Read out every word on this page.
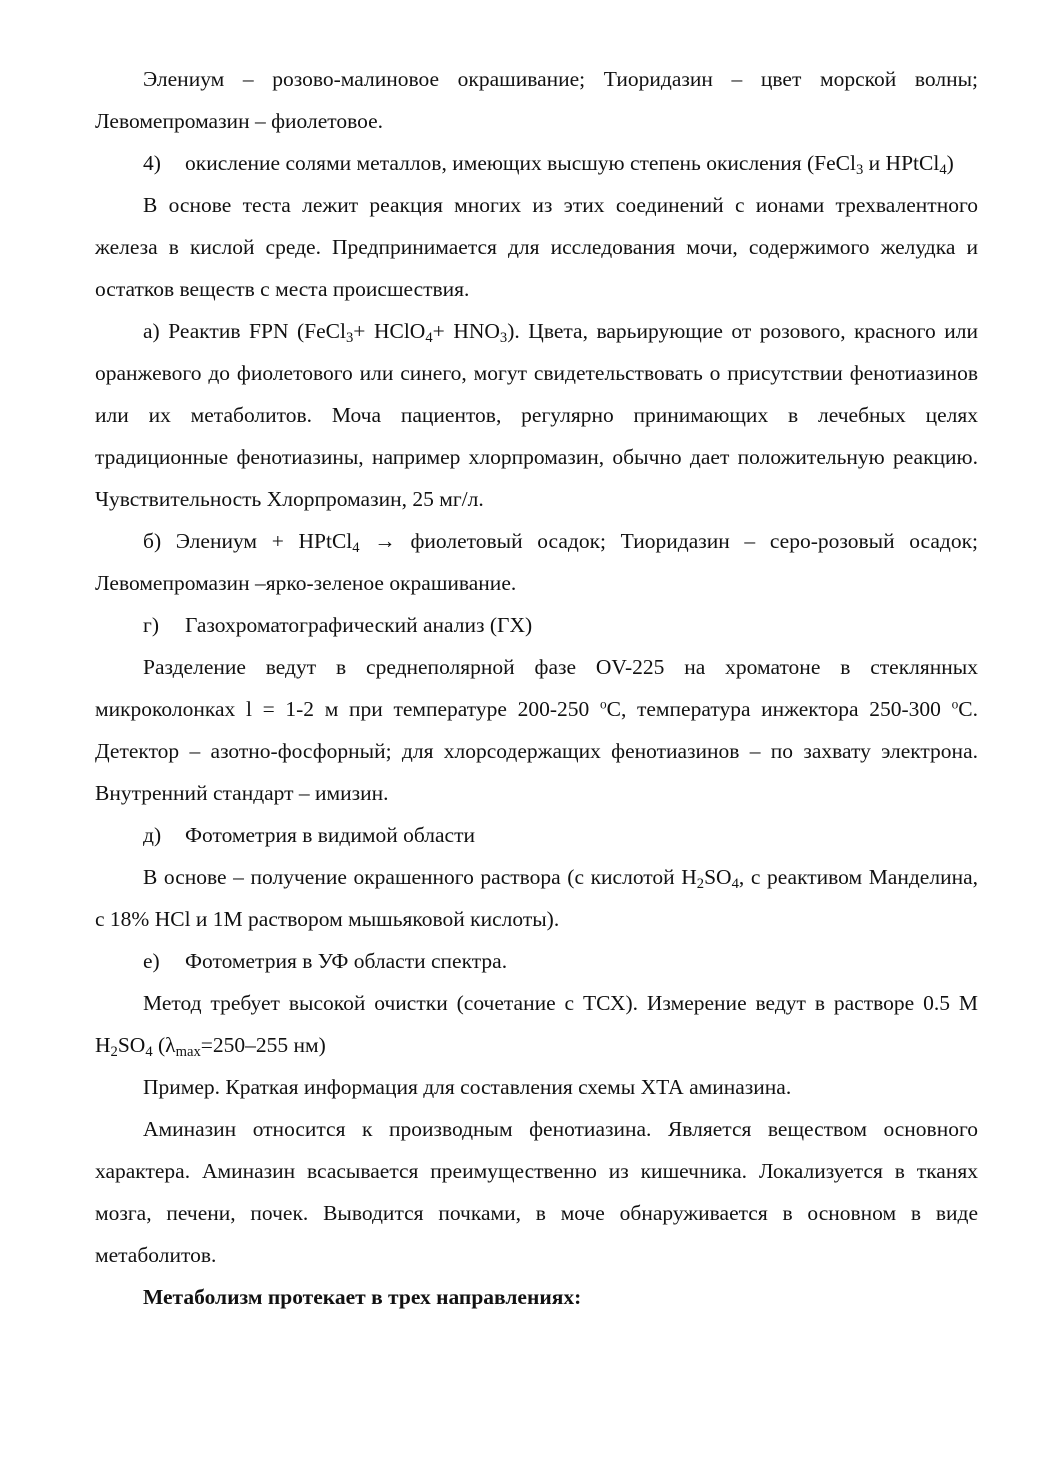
Элениум – розово-малиновое окрашивание; Тиоридазин – цвет морской волны; Левомепромазин – фиолетовое.

4) окисление солями металлов, имеющих высшую степень окисления (FeCl$_3$ и HPtCl$_4$)

В основе теста лежит реакция многих из этих соединений с ионами трехвалентного железа в кислой среде. Предпринимается для исследования мочи, содержимого желудка и остатков веществ с места происшествия.

а) Реактив FPN (FeCl$_3$+ HClO$_4$+ $HNO_3$). Цвета, варьирующие от розового, красного или оранжевого до фиолетового или синего, могут свидетельствовать о присутствии фенотиазинов или их метаболитов. Моча пациентов, регулярно принимающих в лечебных целях традиционные фенотиазины, например хлорпромазин, обычно дает положительную реакцию. Чувствительность Хлорпромазин, 25 мг/л.

б) Элениум + HPtCl$_4$ → фиолетовый осадок; Тиоридазин – серо-розовый осадок; Левомепромазин –ярко-зеленое окрашивание.

г)	Газохроматографический анализ (ГХ)

Разделение ведут в среднеполярной фазе OV-225 на хроматоне в стеклянных микроколонках l = 1-2 м при температуре 200-250 $^o$C, температура инжектора 250-300 $^o$C. Детектор – азотно-фосфорный; для хлорсодержащих фенотиазинов – по захвату электрона. Внутренний стандарт – имизин.

д)	Фотометрия в видимой области

В основе – получение окрашенного раствора (с кислотой $H_2SO_4$, с реактивом Манделина, с 18% HCl и 1M раствором мышьяковой кислоты).

е)	Фотометрия в УФ области спектра.

Метод требует высокой очистки (сочетание с ТСХ). Измерение ведут в растворе 0.5 М $H_2SO_4$ ($\lambda_{max}=250-255$ нм)

Пример. Краткая информация для составления схемы ХТА аминазина.

Аминазин относится к производным фенотиазина. Является веществом основного характера. Аминазин всасывается преимущественно из кишечника. Локализуется в тканях мозга, печени, почек. Выводится почками, в моче обнаруживается в основном в виде метаболитов.

Метаболизм протекает в трех направлениях:
